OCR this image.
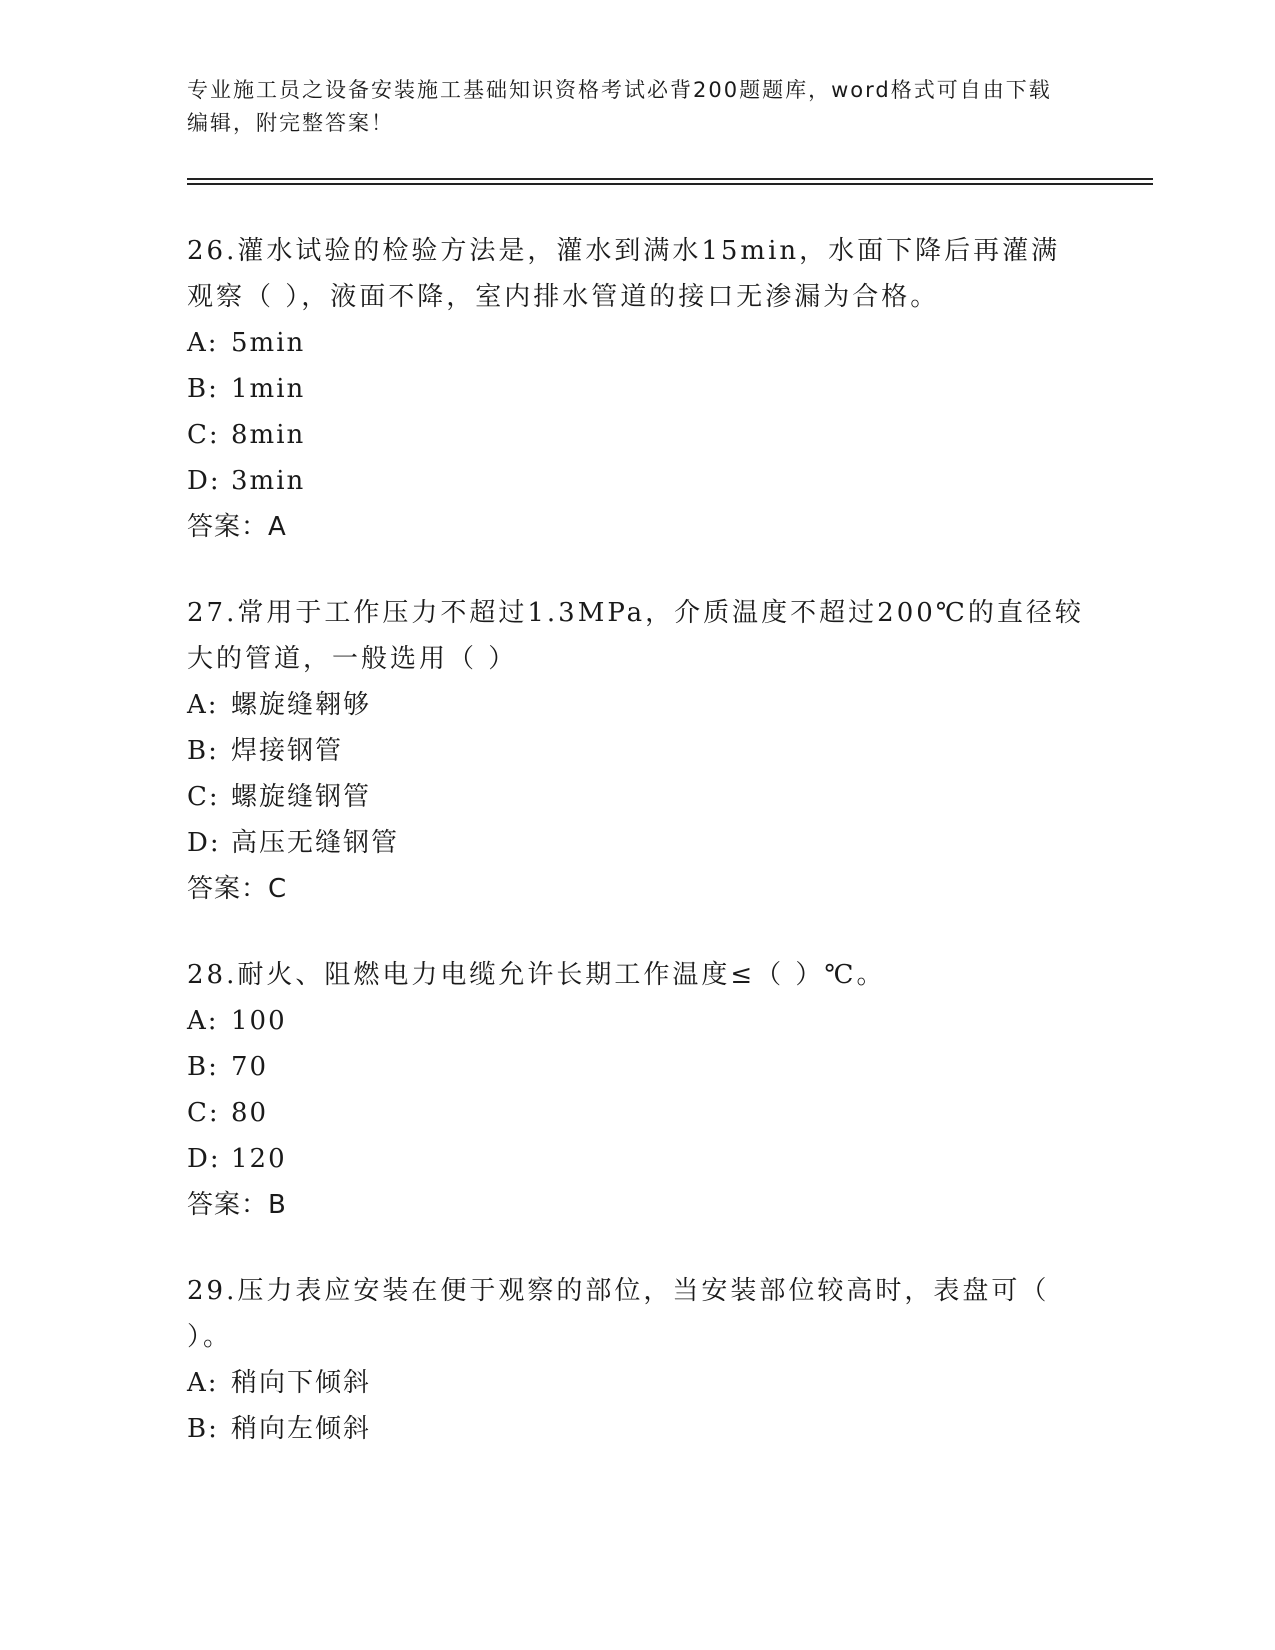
专业施工员之设备安装施工基础知识资格考试必背200题题库，word格式可自由下载编辑，附完整答案！
26.灌水试验的检验方法是，灌水到满水15min，水面下降后再灌满观察（ ），液面不降，室内排水管道的接口无渗漏为合格。
A: 5min
B: 1min
C: 8min
D: 3min
答案：A
27.常用于工作压力不超过1.3MPa，介质温度不超过200℃的直径较大的管道，一般选用（ ）
A: 螺旋缝翱够
B: 焊接钢管
C: 螺旋缝钢管
D: 高压无缝钢管
答案：C
28.耐火、阻燃电力电缆允许长期工作温度≤（ ）℃。
A: 100
B: 70
C: 80
D: 120
答案：B
29.压力表应安装在便于观察的部位，当安装部位较高时，表盘可（ ）。
A: 稍向下倾斜
B: 稍向左倾斜
